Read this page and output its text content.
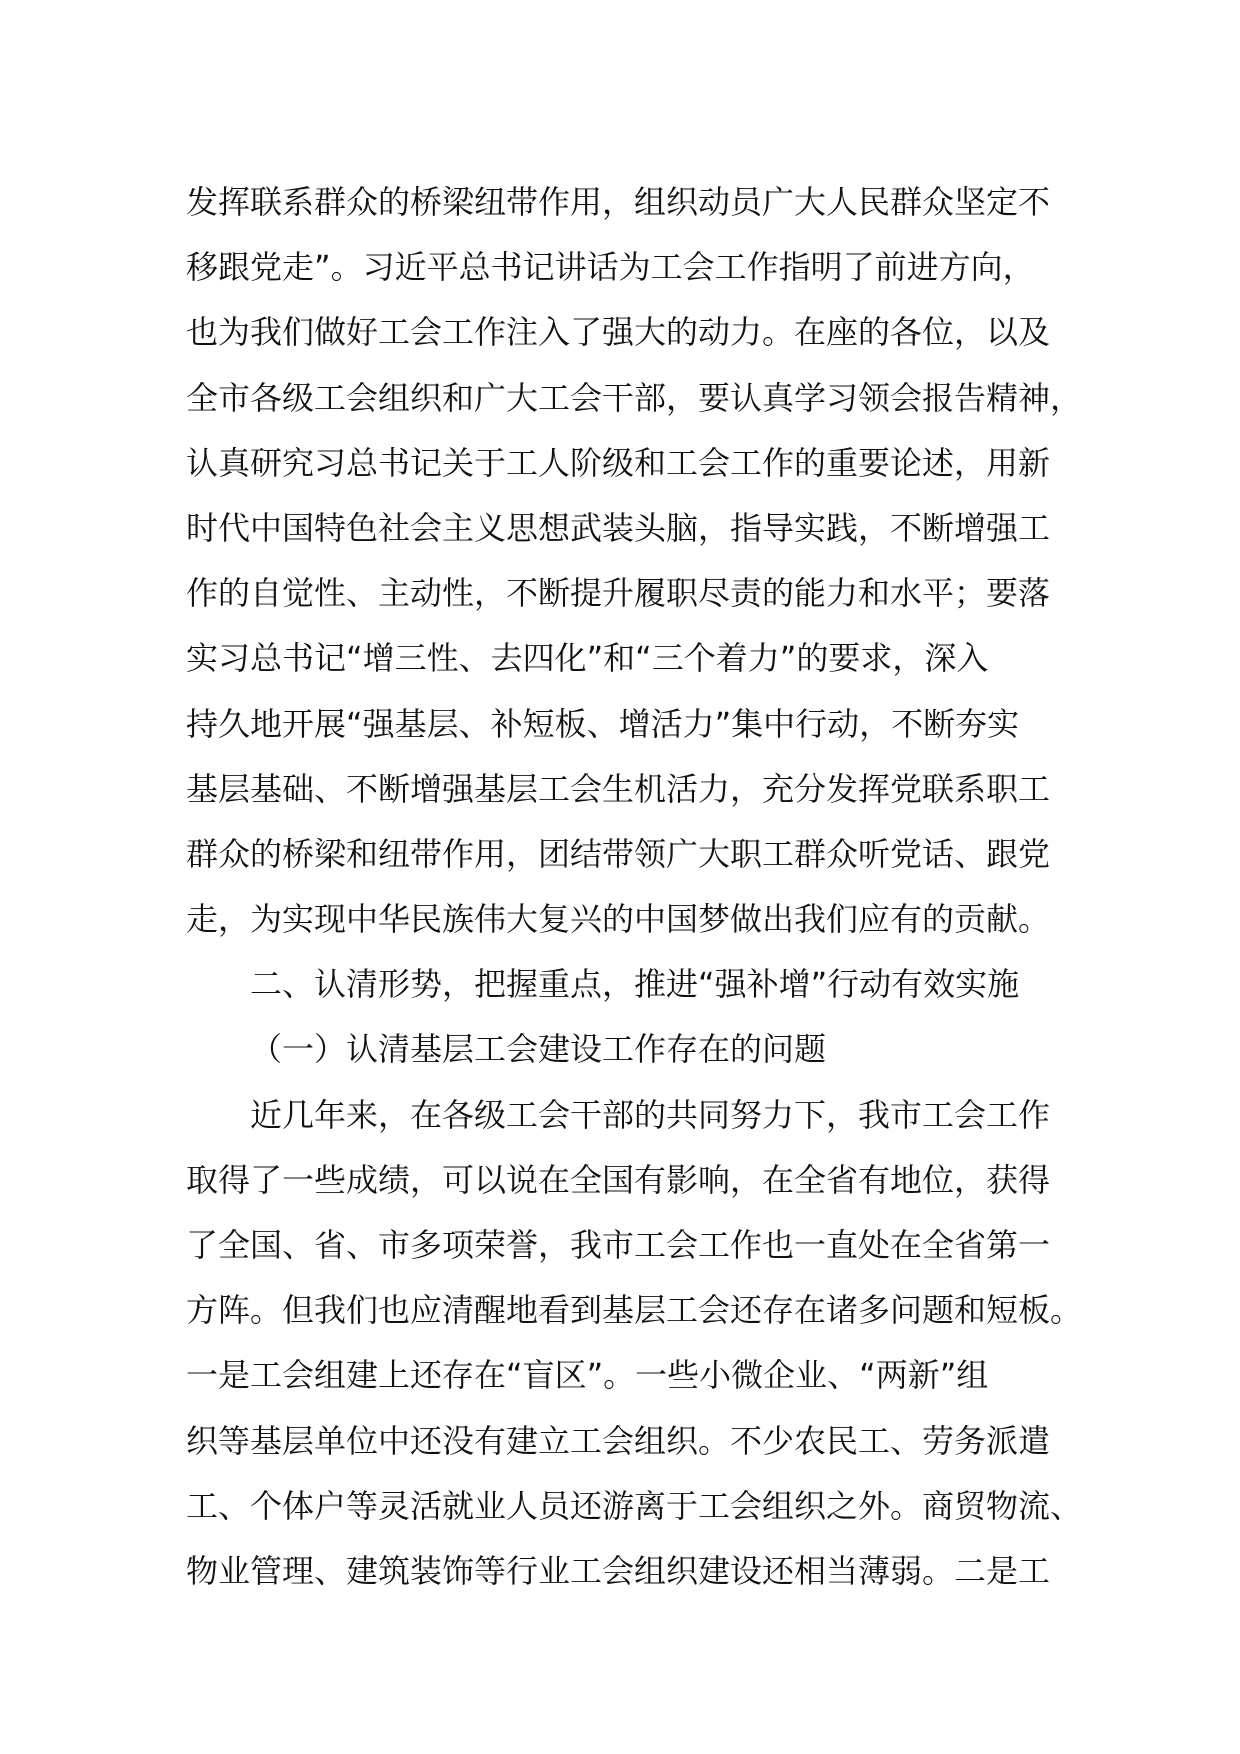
发挥联系群众的桥梁纽带作用，组织动员广大人民群众坚定不
移跟党走”。习近平总书记讲话为工会工作指明了前进方向，
也为我们做好工会工作注入了强大的动力。在座的各位，以及
全市各级工会组织和广大工会干部，要认真学习领会报告精神，
认真研究习总书记关于工人阶级和工会工作的重要论述，用新
时代中国特色社会主义思想武装头脑，指导实践，不断增强工
作的自觉性、主动性，不断提升履职尽责的能力和水平；要落
实习总书记“增三性、去四化”和“三个着力”的要求，深入
持久地开展“强基层、补短板、增活力”集中行动，不断夯实
基层基础、不断增强基层工会生机活力，充分发挥党联系职工
群众的桥梁和纽带作用，团结带领广大职工群众听党话、跟党
走，为实现中华民族伟大复兴的中国梦做出我们应有的贡献。
二、认清形势，把握重点，推进“强补增”行动有效实施
（一）认清基层工会建设工作存在的问题
近几年来，在各级工会干部的共同努力下，我市工会工作
取得了一些成绩，可以说在全国有影响，在全省有地位，获得
了全国、省、市多项荣誉，我市工会工作也一直处在全省第一
方阵。但我们也应清醒地看到基层工会还存在诸多问题和短板。
一是工会组建上还存在“盲区”。一些小微企业、“两新”组
织等基层单位中还没有建立工会组织。不少农民工、劳务派遣
工、个体户等灵活就业人员还游离于工会组织之外。商贸物流、
物业管理、建筑装饰等行业工会组织建设还相当薄弱。二是工
